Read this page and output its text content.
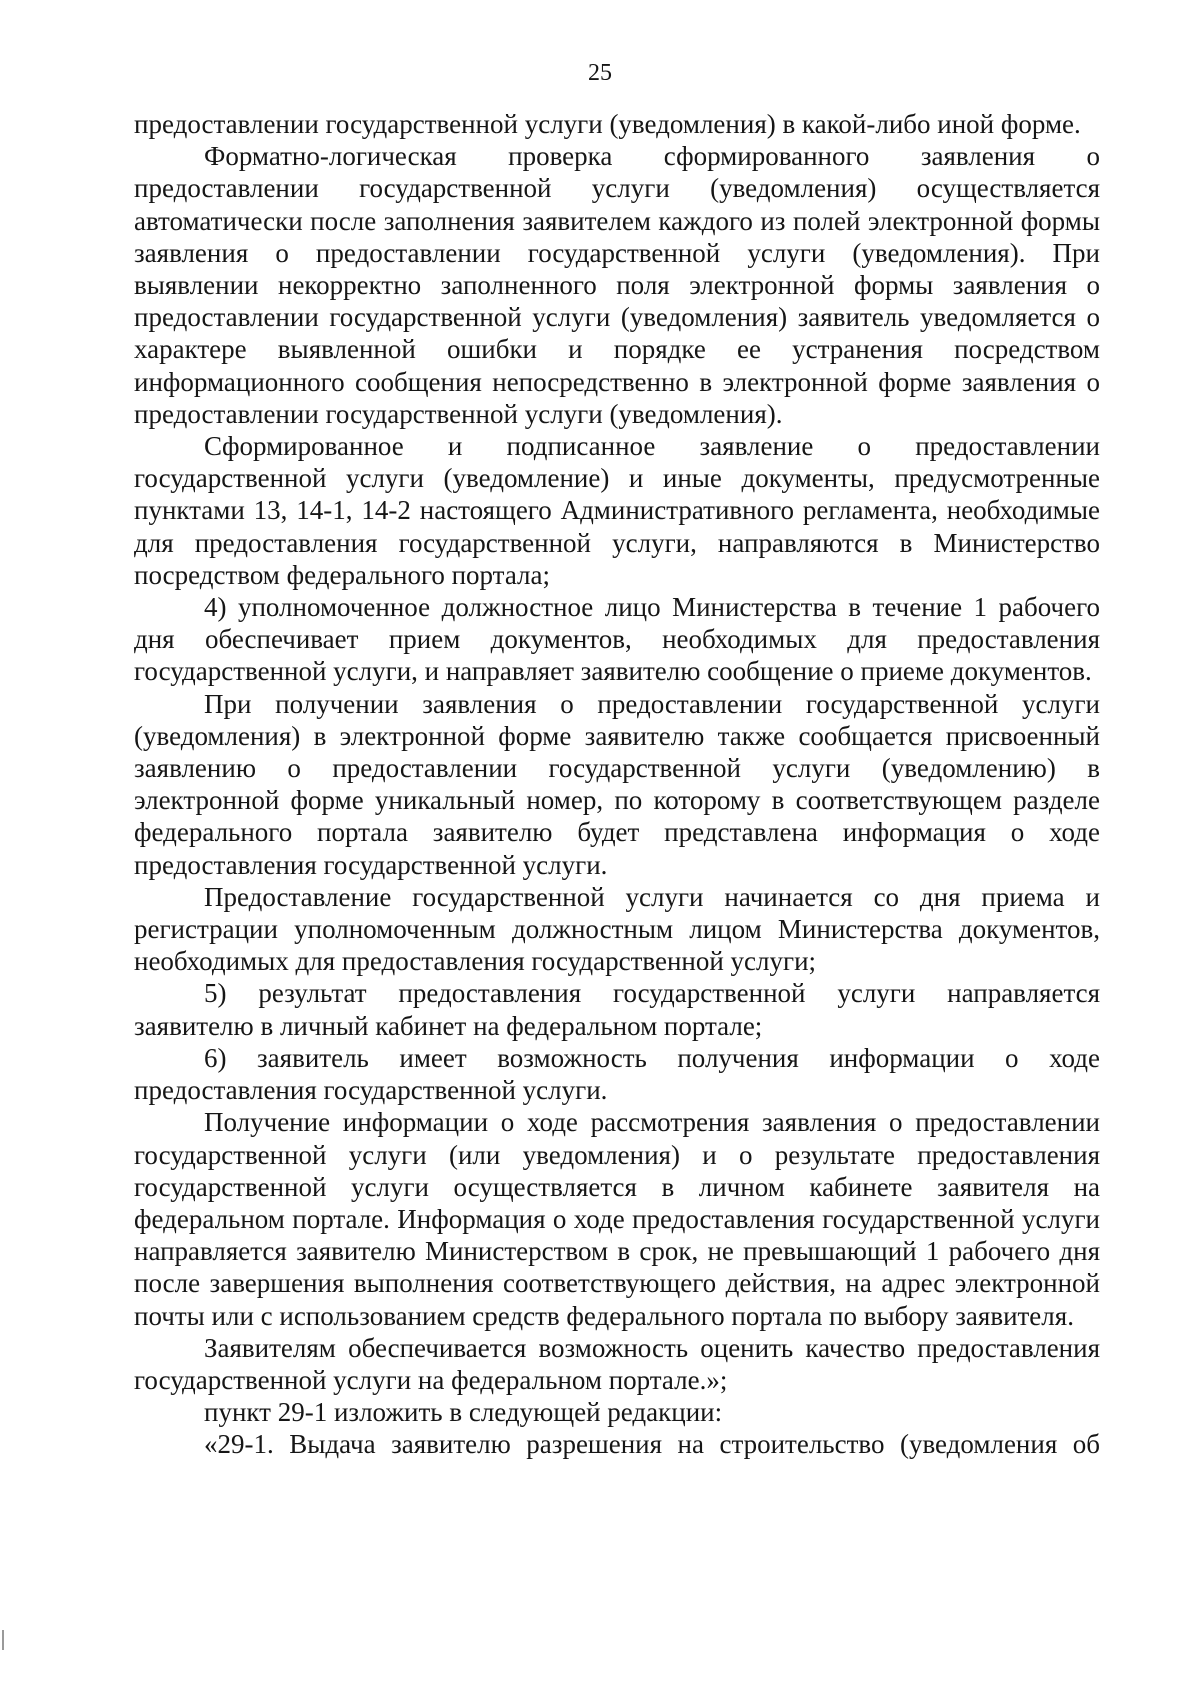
25

предоставлении государственной услуги (уведомления) в какой-либо иной форме.

Форматно-логическая проверка сформированного заявления о предоставлении государственной услуги (уведомления) осуществляется автоматически после заполнения заявителем каждого из полей электронной формы заявления о предоставлении государственной услуги (уведомления). При выявлении некорректно заполненного поля электронной формы заявления о предоставлении государственной услуги (уведомления) заявитель уведомляется о характере выявленной ошибки и порядке ее устранения посредством информационного сообщения непосредственно в электронной форме заявления о предоставлении государственной услуги (уведомления).

Сформированное и подписанное заявление о предоставлении государственной услуги (уведомление) и иные документы, предусмотренные пунктами 13, 14-1, 14-2 настоящего Административного регламента, необходимые для предоставления государственной услуги, направляются в Министерство посредством федерального портала;

4) уполномоченное должностное лицо Министерства в течение 1 рабочего дня обеспечивает прием документов, необходимых для предоставления государственной услуги, и направляет заявителю сообщение о приеме документов.

При получении заявления о предоставлении государственной услуги (уведомления) в электронной форме заявителю также сообщается присвоенный заявлению о предоставлении государственной услуги (уведомлению) в электронной форме уникальный номер, по которому в соответствующем разделе федерального портала заявителю будет представлена информация о ходе предоставления государственной услуги.

Предоставление государственной услуги начинается со дня приема и регистрации уполномоченным должностным лицом Министерства документов, необходимых для предоставления государственной услуги;

5) результат предоставления государственной услуги направляется заявителю в личный кабинет на федеральном портале;

6) заявитель имеет возможность получения информации о ходе предоставления государственной услуги.

Получение информации о ходе рассмотрения заявления о предоставлении государственной услуги (или уведомления) и о результате предоставления государственной услуги осуществляется в личном кабинете заявителя на федеральном портале. Информация о ходе предоставления государственной услуги направляется заявителю Министерством в срок, не превышающий 1 рабочего дня после завершения выполнения соответствующего действия, на адрес электронной почты или с использованием средств федерального портала по выбору заявителя.

Заявителям обеспечивается возможность оценить качество предоставления государственной услуги на федеральном портале.»;

пункт 29-1 изложить в следующей редакции:

«29-1. Выдача заявителю разрешения на строительство (уведомления об
